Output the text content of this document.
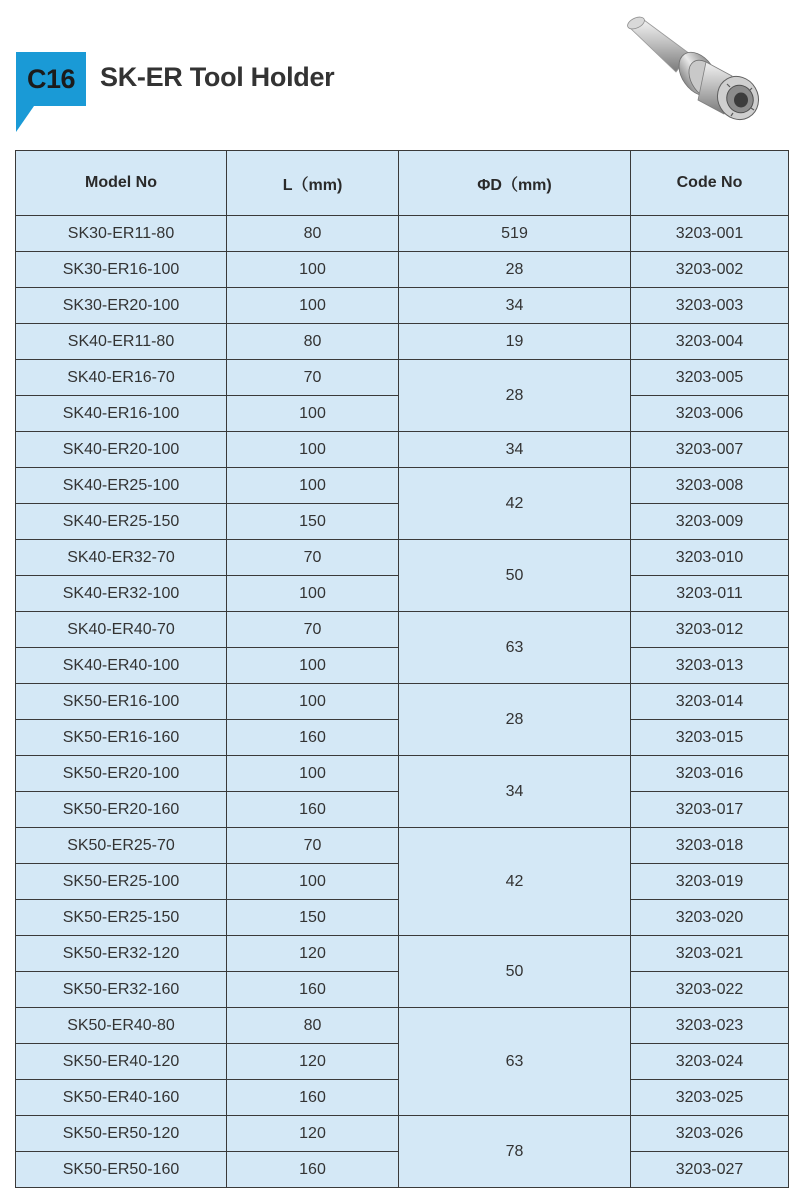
C16 SK-ER Tool Holder
Model No	L（mm)	ΦD（mm)	Code No
SK30-ER11-80	80	519	3203-001
SK30-ER16-100	100	28	3203-002
SK30-ER20-100	100	34	3203-003
SK40-ER11-80	80	19	3203-004
SK40-ER16-70	70	28	3203-005
SK40-ER16-100	100		3203-006
SK40-ER20-100	100	34	3203-007
SK40-ER25-100	100	42	3203-008
SK40-ER25-150	150		3203-009
SK40-ER32-70	70	50	3203-010
SK40-ER32-100	100		3203-011
SK40-ER40-70	70	63	3203-012
SK40-ER40-100	100		3203-013
SK50-ER16-100	100	28	3203-014
SK50-ER16-160	160		3203-015
SK50-ER20-100	100	34	3203-016
SK50-ER20-160	160		3203-017
SK50-ER25-70	70	42	3203-018
SK50-ER25-100	100		3203-019
SK50-ER25-150	150		3203-020
SK50-ER32-120	120	50	3203-021
SK50-ER32-160	160		3203-022
SK50-ER40-80	80	63	3203-023
SK50-ER40-120	120		3203-024
SK50-ER40-160	160		3203-025
SK50-ER50-120	120	78	3203-026
SK50-ER50-160	160		3203-027
